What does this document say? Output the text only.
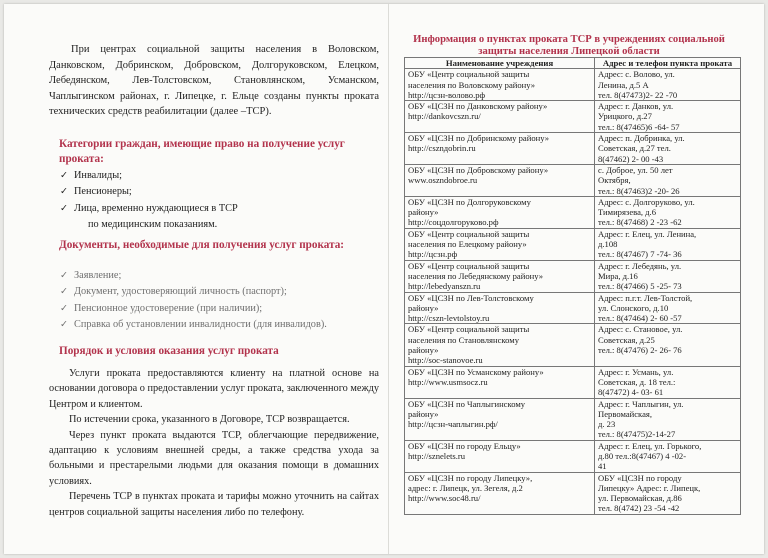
При центрах социальной защиты населения в Воловском, Данковском, Добринском, Добровском, Долгоруковском, Елецком, Лебедянском, Лев-Толстовском, Становлянском, Усманском, Чаплыгинском районах, г. Липецке, г. Ельце созданы пункты проката технических средств реабилитации (далее –ТСР).

Категории граждан, имеющие право на получение услуг проката:
✓ Инвалиды;
✓ Пенсионеры;
✓ Лица, временно нуждающиеся в ТСР
по медицинским показаниям.
Документы, необходимые для получения услуг проката:
✓ Заявление;
✓ Документ, удостоверяющий личность (паспорт);
✓ Пенсионное удостоверение (при наличии);
✓ Справка об установлении инвалидности (для инвалидов).
Порядок и условия оказания услуг проката

Услуги проката предоставляются клиенту на платной основе на основании договора о предоставлении услуг проката, заключенного между Центром и клиентом.

По истечении срока, указанного в Договоре, ТСР возвращается.

Через пункт проката выдаются ТСР, облегчающие передвижение, адаптацию к условиям внешней среды, а также средства ухода за больными и престарелыми людьми для оказания помощи в домашних условиях.

Перечень ТСР в пунктах проката и тарифы можно уточнить на сайтах центров социальной защиты населения либо по телефону.

Информация о пунктах проката ТСР в учреждениях социальной
защиты населения Липецкой области
Наименование учреждения	Адрес и телефон пункта проката

ОБУ «Центр социальной защиты
населения по Воловскому району»
http://цсзн-волово.рф	Адрес: с. Волово, ул.
Ленина, д.5 А
тел. 8(47473)2- 22 -70

ОБУ «ЦСЗН по Данковскому району»
http://dankovcszn.ru/	Адрес: г. Данков, ул.
Урицкого, д.27
тел.: 8(47465)6 -64- 57

ОБУ «ЦСЗН по Добринскому району»
http://csznдobrin.ru	Адрес: п. Добринка, ул.
Советская, д.27 тел.
8(47462) 2- 00 -43

ОБУ «ЦСЗН по Добровскому району»
www.oszndobroe.ru	с. Доброе, ул. 50 лет
Октября,
тел.: 8(47463)2 -20- 26

ОБУ «ЦСЗН по Долгоруковскому
району»
http://соцдолгоруково.рф	Адрес: с. Долгоруково, ул.
Тимирязева, д.6
тел.: 8(47468) 2 -23 -62

ОБУ «Центр социальной защиты
населения по Елецкому району»
http://цсзн.рф	Адрес: г. Елец, ул. Ленина,
д.108
тел.: 8(47467) 7 -74- 36

ОБУ «Центр социальной защиты
населения по Лебедянскому району»
http://lebedyanszn.ru	Адрес: г. Лебедянь, ул.
Мира, д.16
тел.: 8(47466) 5 -25- 73

ОБУ «ЦСЗН по Лев-Толстовскому
району»
http://cszn-levtolstoy.ru	Адрес: п.г.т. Лев-Толстой,
ул. Слонского, д.10
тел.: 8(47464) 2- 60 -57

ОБУ «Центр социальной защиты
населения по Становлянскому
району»
http://soc-stanovoe.ru	Адрес: с. Становое, ул.
Советская, д.25
тел.: 8(47476) 2- 26- 76

ОБУ «ЦСЗН по Усманскому району»
http://www.usmsocz.ru	Адрес: г. Усмань, ул.
Советская, д. 18 тел.:
8(47472) 4- 03- 61

ОБУ «ЦСЗН по Чаплыгинскому
району»
http://цсзн-чаплыгин.рф/	Адрес: г. Чаплыгин, ул.
Первомайская,
д. 23
тел.: 8(47475)2-14-27

ОБУ «ЦСЗН по городу Ельцу»
http://sznelets.ru	Адрес: г. Елец, ул. Горького,
д.80 тел.:8(47467) 4 -02-
41

ОБУ «ЦСЗН по городу Липецку»,
адрес: г. Липецк, ул. Зегеля, д.2
http://www.soc48.ru/	ОБУ «ЦСЗН по городу
Липецку» Адрес: г. Липецк,
ул. Первомайская, д.86
тел. 8(4742) 23 -54 -42
